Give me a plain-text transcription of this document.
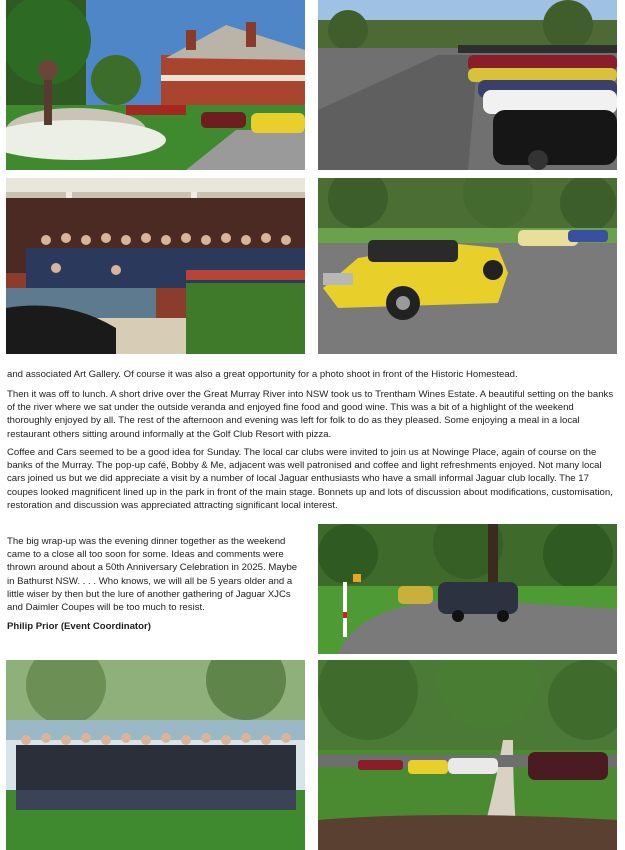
and associated Art Gallery. Of course it was also a great opportunity for a photo shoot in front of the Historic Homestead.
Then it was off to lunch. A short drive over the Great Murray River into NSW took us to Trentham Wines Estate. A beautiful setting on the banks of the river where we sat under the outside veranda and enjoyed fine food and good wine. This was a bit of a highlight of the weekend thoroughly enjoyed by all. The rest of the afternoon and evening was left for folk to do as they pleased. Some enjoying a meal in a local restaurant others sitting around informally at the Golf Club Resort with pizza.
Coffee and Cars seemed to be a good idea for Sunday. The local car clubs were invited to join us at Nowinge Place, again of course on the banks of the Murray. The pop-up café, Bobby & Me, adjacent was well patronised and coffee and light refreshments enjoyed. Not many local cars joined us but we did appreciate a visit by a number of local Jaguar enthusiasts who have a small informal Jaguar club locally. The 17 coupes looked magnificent lined up in the park in front of the main stage. Bonnets up and lots of discussion about modifications, customisation, restoration and discussion was appreciated attracting significant local interest.

The big wrap-up was the evening dinner together as the weekend came to a close all too soon for some. Ideas and comments were thrown around about a 50th Anniversary Celebration in 2025. Maybe in Bathurst NSW. . . . Who knows, we will all be 5 years older and a little wiser by then but the lure of another gathering of Jaguar XJCs and Daimler Coupes will be too much to resist.

Philip Prior (Event Coordinator)
